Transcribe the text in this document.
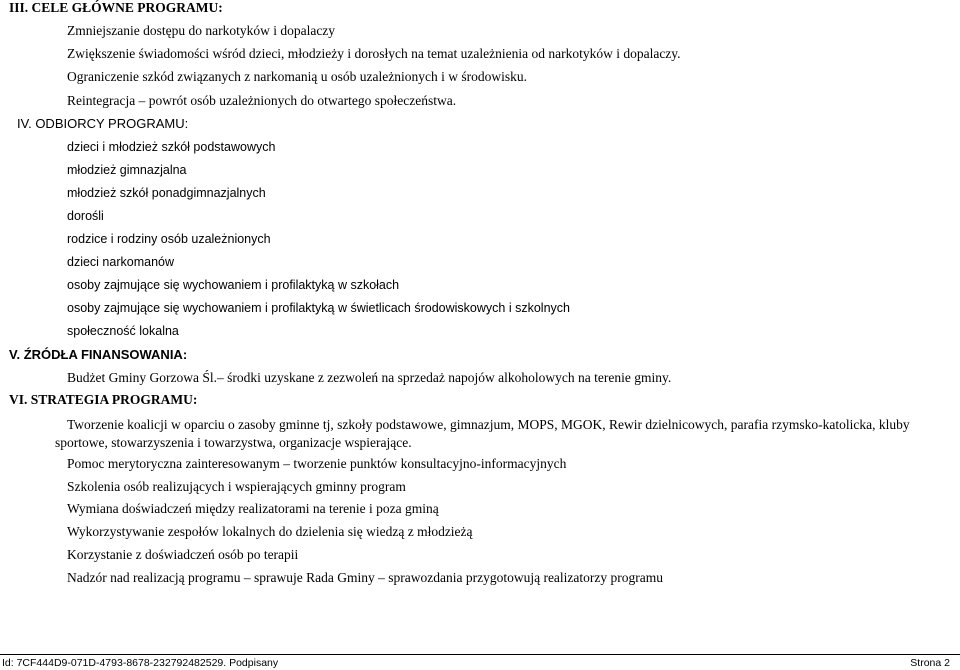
III. CELE GŁÓWNE PROGRAMU:
Zmniejszanie dostępu do narkotyków i dopalaczy
Zwiększenie świadomości wśród dzieci, młodzieży i dorosłych na temat uzależnienia od narkotyków i dopalaczy.
Ograniczenie szkód związanych z narkomanią u osób uzależnionych i w środowisku.
Reintegracja – powrót osób uzależnionych do otwartego społeczeństwa.
IV. ODBIORCY PROGRAMU:
dzieci i młodzież szkół podstawowych
młodzież gimnazjalna
młodzież szkół ponadgimnazjalnych
dorośli
rodzice i rodziny osób uzależnionych
dzieci narkomanów
osoby zajmujące się wychowaniem i profilaktyką w szkołach
osoby zajmujące się wychowaniem i profilaktyką w świetlicach środowiskowych i szkolnych
społeczność lokalna
V. ŹRÓDŁA FINANSOWANIA:
Budżet Gminy Gorzowa Śl.– środki uzyskane z zezwoleń na sprzedaż napojów alkoholowych na terenie gminy.
VI. STRATEGIA PROGRAMU:
Tworzenie koalicji w oparciu o zasoby gminne tj, szkoły podstawowe, gimnazjum, MOPS, MGOK, Rewir dzielnicowych, parafia rzymsko-katolicka, kluby
sportowe, stowarzyszenia i towarzystwa, organizacje wspierające.
Pomoc merytoryczna zainteresowanym – tworzenie punktów konsultacyjno-informacyjnych
Szkolenia osób realizujących i wspierających gminny program
Wymiana doświadczeń między realizatorami na terenie i poza gminą
Wykorzystywanie zespołów lokalnych do dzielenia się wiedzą z młodzieżą
Korzystanie z doświadczeń osób po terapii
Nadzór nad realizacją programu – sprawuje Rada Gminy – sprawozdania przygotowują realizatorzy programu
Id: 7CF444D9-071D-4793-8678-232792482529. Podpisany	Strona 2
